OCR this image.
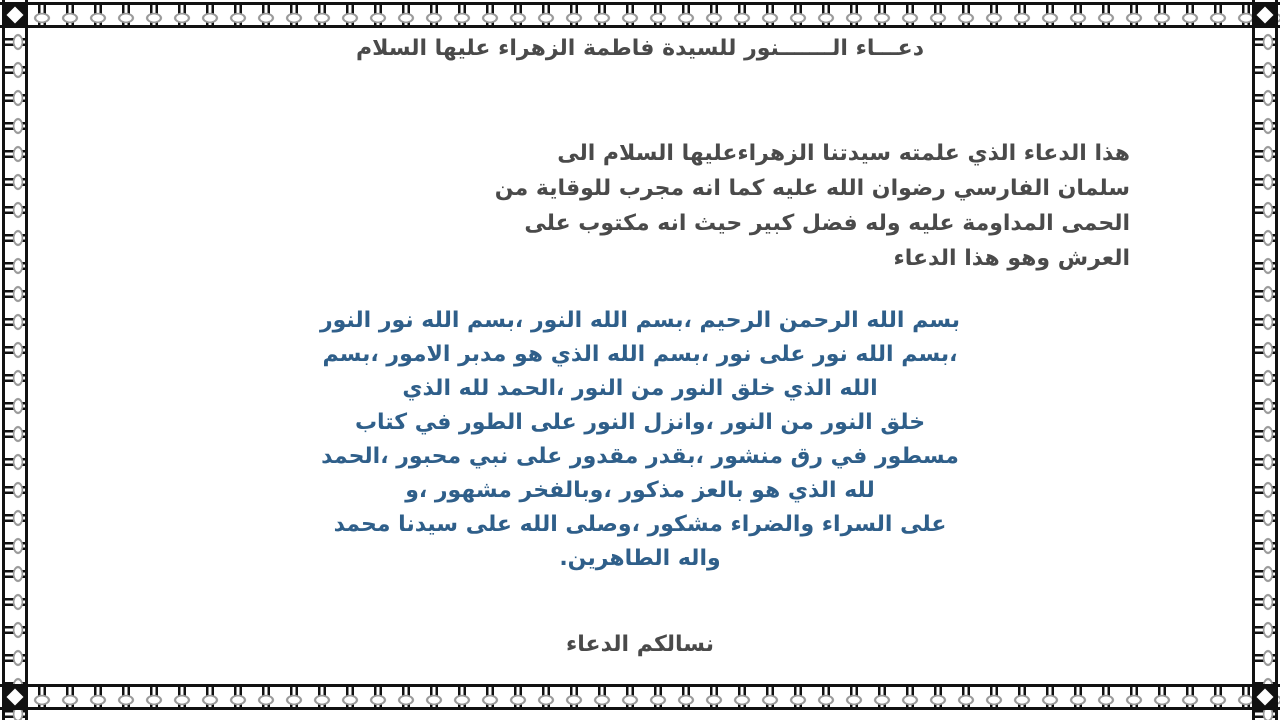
دعـــاء الـــــــنور للسيدة فاطمة الزهراء عليها السلام
هذا الدعاء الذي علمته سيدتنا الزهراءعليها السلام الى
سلمان الفارسي رضوان الله عليه كما انه مجرب للوقاية من
الحمى المداومة عليه وله فضل كبير حيث انه مكتوب على
العرش وهو هذا الدعاء
بسم الله الرحمن الرحيم ،بسم الله النور ،بسم الله نور النور
،بسم الله نور على نور ،بسم الله الذي هو مدبر الامور ،بسم
الله الذي خلق النور من النور ،الحمد لله الذي
خلق النور من النور ،وانزل النور على الطور في كتاب
مسطور في رق منشور ،بقدر مقدور على نبي محبور ،الحمد
لله الذي هو بالعز مذكور ،وبالفخر مشهور ،و
على السراء والضراء مشكور ،وصلى الله على سيدنا محمد
واله الطاهرين.
نسالكم الدعاء
